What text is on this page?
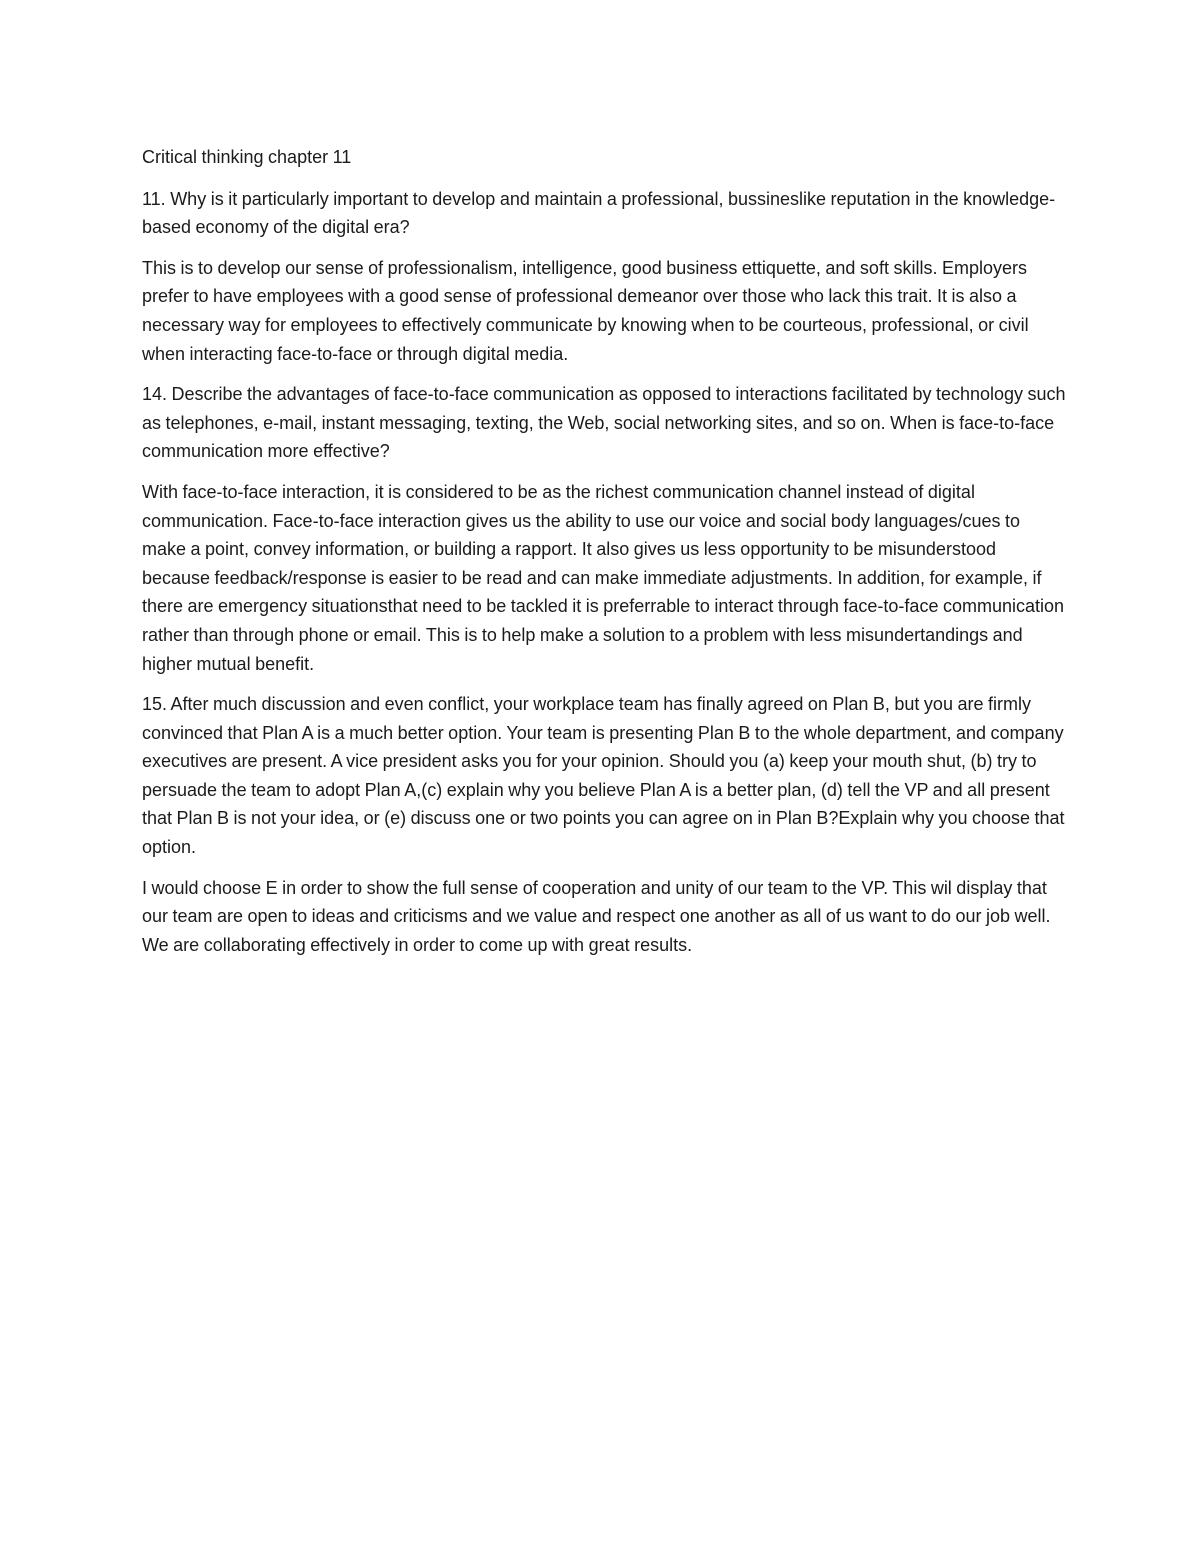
Critical thinking chapter 11

11. Why is it particularly important to develop and maintain a professional, bussineslike reputation in the knowledge-based economy of the digital era?

This is to develop our sense of professionalism, intelligence, good business ettiquette, and soft skills. Employers prefer to have employees with a good sense of professional demeanor over those who lack this trait. It is also a necessary way for employees to effectively communicate by knowing when to be courteous, professional, or civil when interacting face-to-face or through digital media.

14. Describe the advantages of face-to-face communication as opposed to interactions facilitated by technology such as telephones, e-mail, instant messaging, texting, the Web, social networking sites, and so on. When is face-to-face communication more effective?

With face-to-face interaction, it is considered to be as the richest communication channel instead of digital communication. Face-to-face interaction gives us the ability to use our voice and social body languages/cues to make a point, convey information, or building a rapport. It also gives us less opportunity to be misunderstood because feedback/response is easier to be read and can make immediate adjustments. In addition, for example, if there are emergency situationsthat need to be tackled it is preferrable to interact through face-to-face communication rather than through phone or email. This is to help make a solution to a problem with less misundertandings and higher mutual benefit.

15. After much discussion and even conflict, your workplace team has finally agreed on Plan B, but you are firmly convinced that Plan A is a much better option. Your team is presenting Plan B to the whole department, and company executives are present. A vice president asks you for your opinion. Should you (a) keep your mouth shut, (b) try to persuade the team to adopt Plan A,(c) explain why you believe Plan A is a better plan, (d) tell the VP and all present that Plan B is not your idea, or (e) discuss one or two points you can agree on in Plan B?Explain why you choose that option.

I would choose E in order to show the full sense of cooperation and unity of our team to the VP. This wil display that our team are open to ideas and criticisms and we value and respect one another as all of us want to do our job well. We are collaborating effectively in order to come up with great results.
